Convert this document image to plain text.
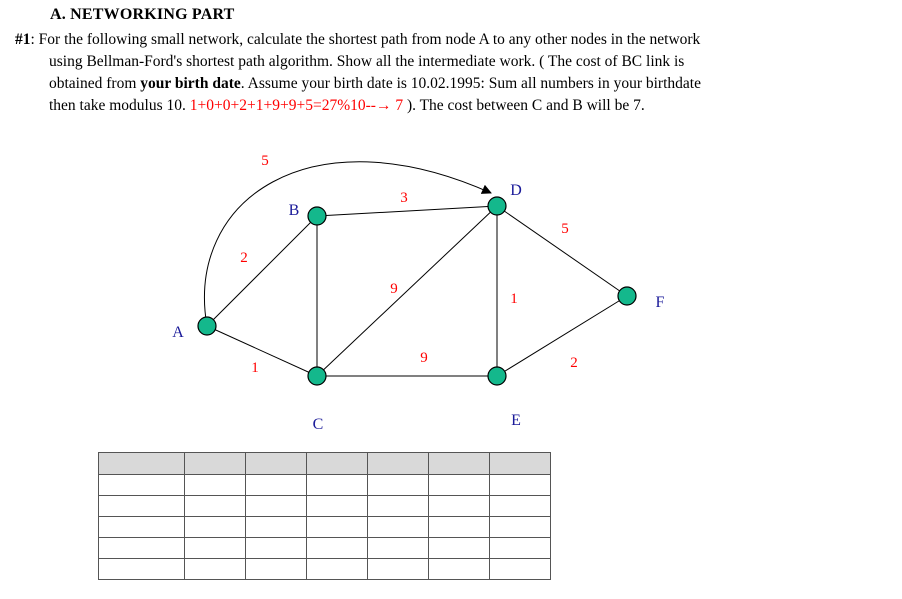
A. NETWORKING PART
#1: For the following small network, calculate the shortest path from node A to any other nodes in the network
using Bellman-Ford's shortest path algorithm. Show all the intermediate work. ( The cost of BC link is
obtained from your birth date. Assume your birth date is 10.02.1995: Sum all numbers in your birthdate
then take modulus 10. 1+0+0+2+1+9+9+5=27%10--→ 7 ). The cost between C and B will be 7.
2
1
5
3
9
9
1
5
2
A
B
C
D
E
F
